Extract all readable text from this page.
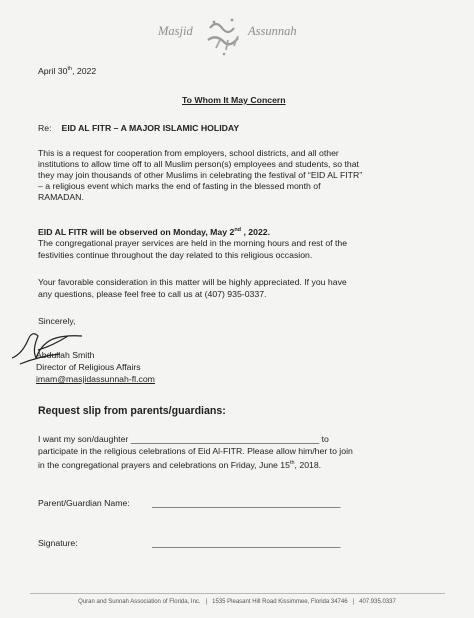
Masjid	Assunnah
April 30th, 2022
To Whom It May Concern
Re: EID AL FITR – A MAJOR ISLAMIC HOLIDAY
This is a request for cooperation from employers, school districts, and all other
institutions to allow time off to all Muslim person(s) employees and students, so that
they may join thousands of other Muslims in celebrating the festival of “EID AL FITR”
– a religious event which marks the end of fasting in the blessed month of
RAMADAN.
EID AL FITR will be observed on Monday, May 2nd , 2022.
The congregational prayer services are held in the morning hours and rest of the
festivities continue throughout the day related to this religious occasion.
Your favorable consideration in this matter will be highly appreciated. If you have
any questions, please feel free to call us at (407) 935-0337.
Sincerely,
Abdullah Smith
Director of Religious Affairs
imam@masjidassunnah-fl.com
Request slip from parents/guardians:
I want my son/daughter _______________________________________ to
participate in the religious celebrations of Eid Al-FITR. Please allow him/her to join
in the congregational prayers and celebrations on Friday, June 15th, 2018.
Parent/Guardian Name:	_______________________________________
Signature:	_______________________________________
Quran and Sunnah Association of Florida, Inc. | 1535 Pleasant Hill Road Kissimmee, Florida 34746 | 407.935.0337
